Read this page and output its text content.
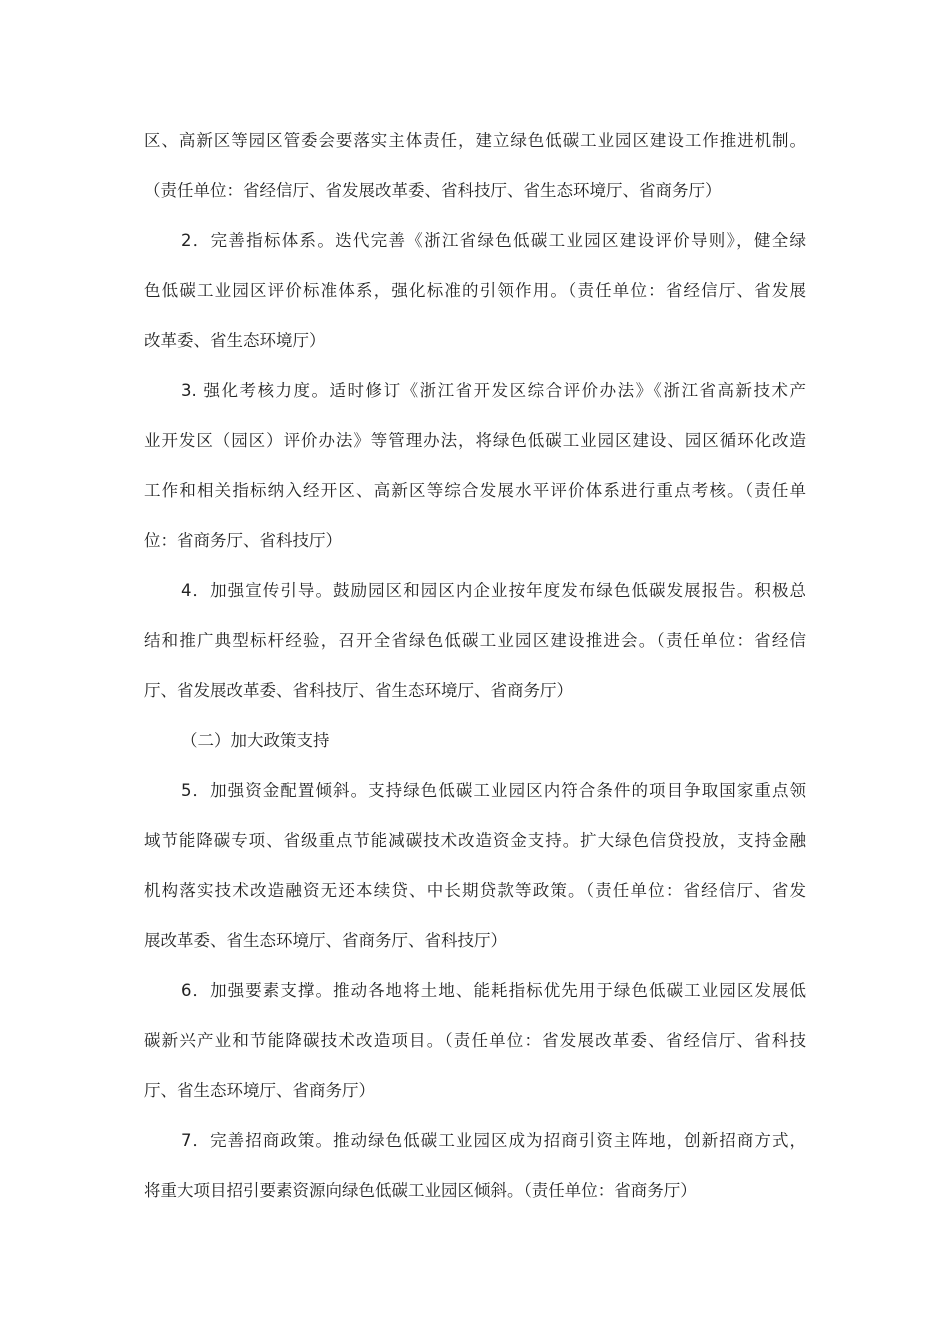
区、高新区等园区管委会要落实主体责任，建立绿色低碳工业园区建设工作推进机制。
（责任单位：省经信厅、省发展改革委、省科技厅、省生态环境厅、省商务厅）
2．完善指标体系。迭代完善《浙江省绿色低碳工业园区建设评价导则》，健全绿
色低碳工业园区评价标准体系，强化标准的引领作用。（责任单位：省经信厅、省发展
改革委、省生态环境厅）
3. 强化考核力度。适时修订《浙江省开发区综合评价办法》《浙江省高新技术产
业开发区（园区）评价办法》等管理办法，将绿色低碳工业园区建设、园区循环化改造
工作和相关指标纳入经开区、高新区等综合发展水平评价体系进行重点考核。（责任单
位：省商务厅、省科技厅）
4．加强宣传引导。鼓励园区和园区内企业按年度发布绿色低碳发展报告。积极总
结和推广典型标杆经验，召开全省绿色低碳工业园区建设推进会。（责任单位：省经信
厅、省发展改革委、省科技厅、省生态环境厅、省商务厅）
（二）加大政策支持
5．加强资金配置倾斜。支持绿色低碳工业园区内符合条件的项目争取国家重点领
域节能降碳专项、省级重点节能减碳技术改造资金支持。扩大绿色信贷投放，支持金融
机构落实技术改造融资无还本续贷、中长期贷款等政策。（责任单位：省经信厅、省发
展改革委、省生态环境厅、省商务厅、省科技厅）
6．加强要素支撑。推动各地将土地、能耗指标优先用于绿色低碳工业园区发展低
碳新兴产业和节能降碳技术改造项目。（责任单位：省发展改革委、省经信厅、省科技
厅、省生态环境厅、省商务厅）
7．完善招商政策。推动绿色低碳工业园区成为招商引资主阵地，创新招商方式，
将重大项目招引要素资源向绿色低碳工业园区倾斜。（责任单位：省商务厅）
